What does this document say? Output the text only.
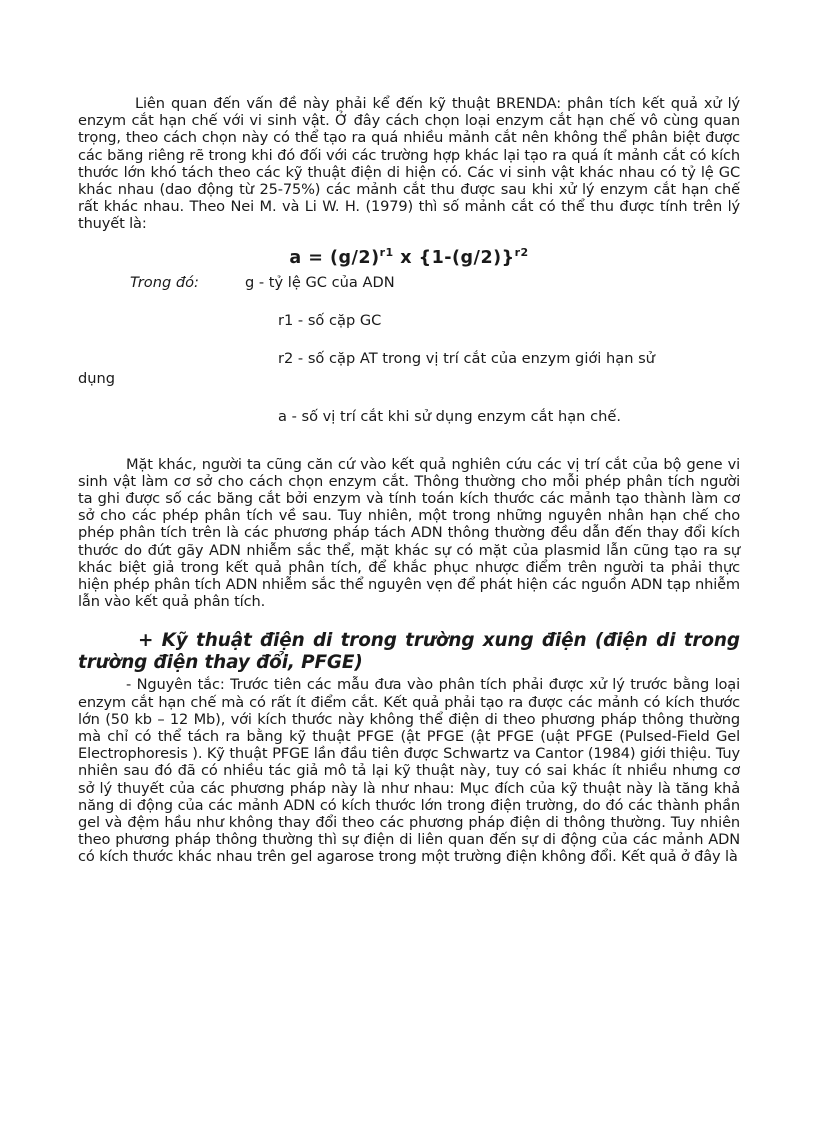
Liên quan đến vấn đề này phải kể đến kỹ thuật BRENDA: phân tích kết quả xử lý enzym cắt hạn chế với vi sinh vật. Ở đây cách chọn loại enzym cắt hạn chế vô cùng quan trọng, theo cách chọn này có thể tạo ra quá nhiều mảnh cắt nên không thể phân biệt được các băng riêng rẽ trong khi đó đối với các trường hợp khác lại tạo ra quá ít mảnh cắt có kích thước lớn khó tách theo các kỹ thuật điện di hiện có. Các vi sinh vật khác nhau có tỷ lệ GC khác nhau (dao động từ 25-75%) các mảnh cắt thu được sau khi xử lý enzym cắt hạn chế rất khác nhau. Theo Nei M. và Li W. H. (1979) thì số mảnh cắt có thể thu được tính trên lý thuyết là:

$a = (g/2)^{r1}$ x $\{1-(g/2)\}^{r2}$
Trong đó:	g - tỷ lệ GC của ADN
r1 - số cặp GC
r2 - số cặp AT trong vị trí cắt của enzym giới hạn sử
dụng
a - số vị trí cắt khi sử dụng enzym cắt hạn chế.

Mặt khác, người ta cũng căn cứ vào kết quả nghiên cứu các vị trí cắt của bộ gene vi sinh vật làm cơ sở cho cách chọn enzym cắt. Thông thường cho mỗi phép phân tích người ta ghi được số các băng cắt bởi enzym và tính toán kích thước các mảnh tạo thành làm cơ sở cho các phép phân tích về sau. Tuy nhiên, một trong những nguyên nhân hạn chế cho phép phân tích trên là các phương pháp tách ADN thông thường đều dẫn đến thay đổi kích thước do đứt gãy ADN nhiễm sắc thể, mặt khác sự có mặt của plasmid lẫn cũng tạo ra sự khác biệt giả trong kết quả phân tích, để khắc phục nhược điểm trên người ta phải thực hiện phép phân tích ADN nhiễm sắc thể nguyên vẹn để phát hiện các nguồn ADN tạp nhiễm lẫn vào kết quả phân tích.

+ Kỹ thuật điện di trong trường xung điện (điện di trong trường điện thay đổi, PFGE)

- Nguyên tắc: Trước tiên các mẫu đưa vào phân tích phải được xử lý trước bằng loại enzym cắt hạn chế mà có rất ít điểm cắt. Kết quả phải tạo ra được các mảnh có kích thước lớn (50 kb – 12 Mb), với kích thước này không thể điện di theo phương pháp thông thường mà chỉ có thể tách ra bằng kỹ thuật PFGE (ật PFGE (ật PFGE (uật PFGE (Pulsed-Field Gel Electrophoresis ). Kỹ thuật PFGE lần đầu tiên được Schwartz va Cantor (1984) giới thiệu. Tuy nhiên sau đó đã có nhiều tác giả mô tả lại kỹ thuật này, tuy có sai khác ít nhiều nhưng cơ sở lý thuyết của các phương pháp này là như nhau: Mục đích của kỹ thuật này là tăng khả năng di động của các mảnh ADN có kích thước lớn trong điện trường, do đó các thành phần gel và đệm hầu như không thay đổi theo các phương pháp điện di thông thường. Tuy nhiên theo phương pháp thông thường thì sự điện di liên quan đến sự di động của các mảnh ADN có kích thước khác nhau trên gel agarose trong một trường điện không đổi. Kết quả ở đây là
